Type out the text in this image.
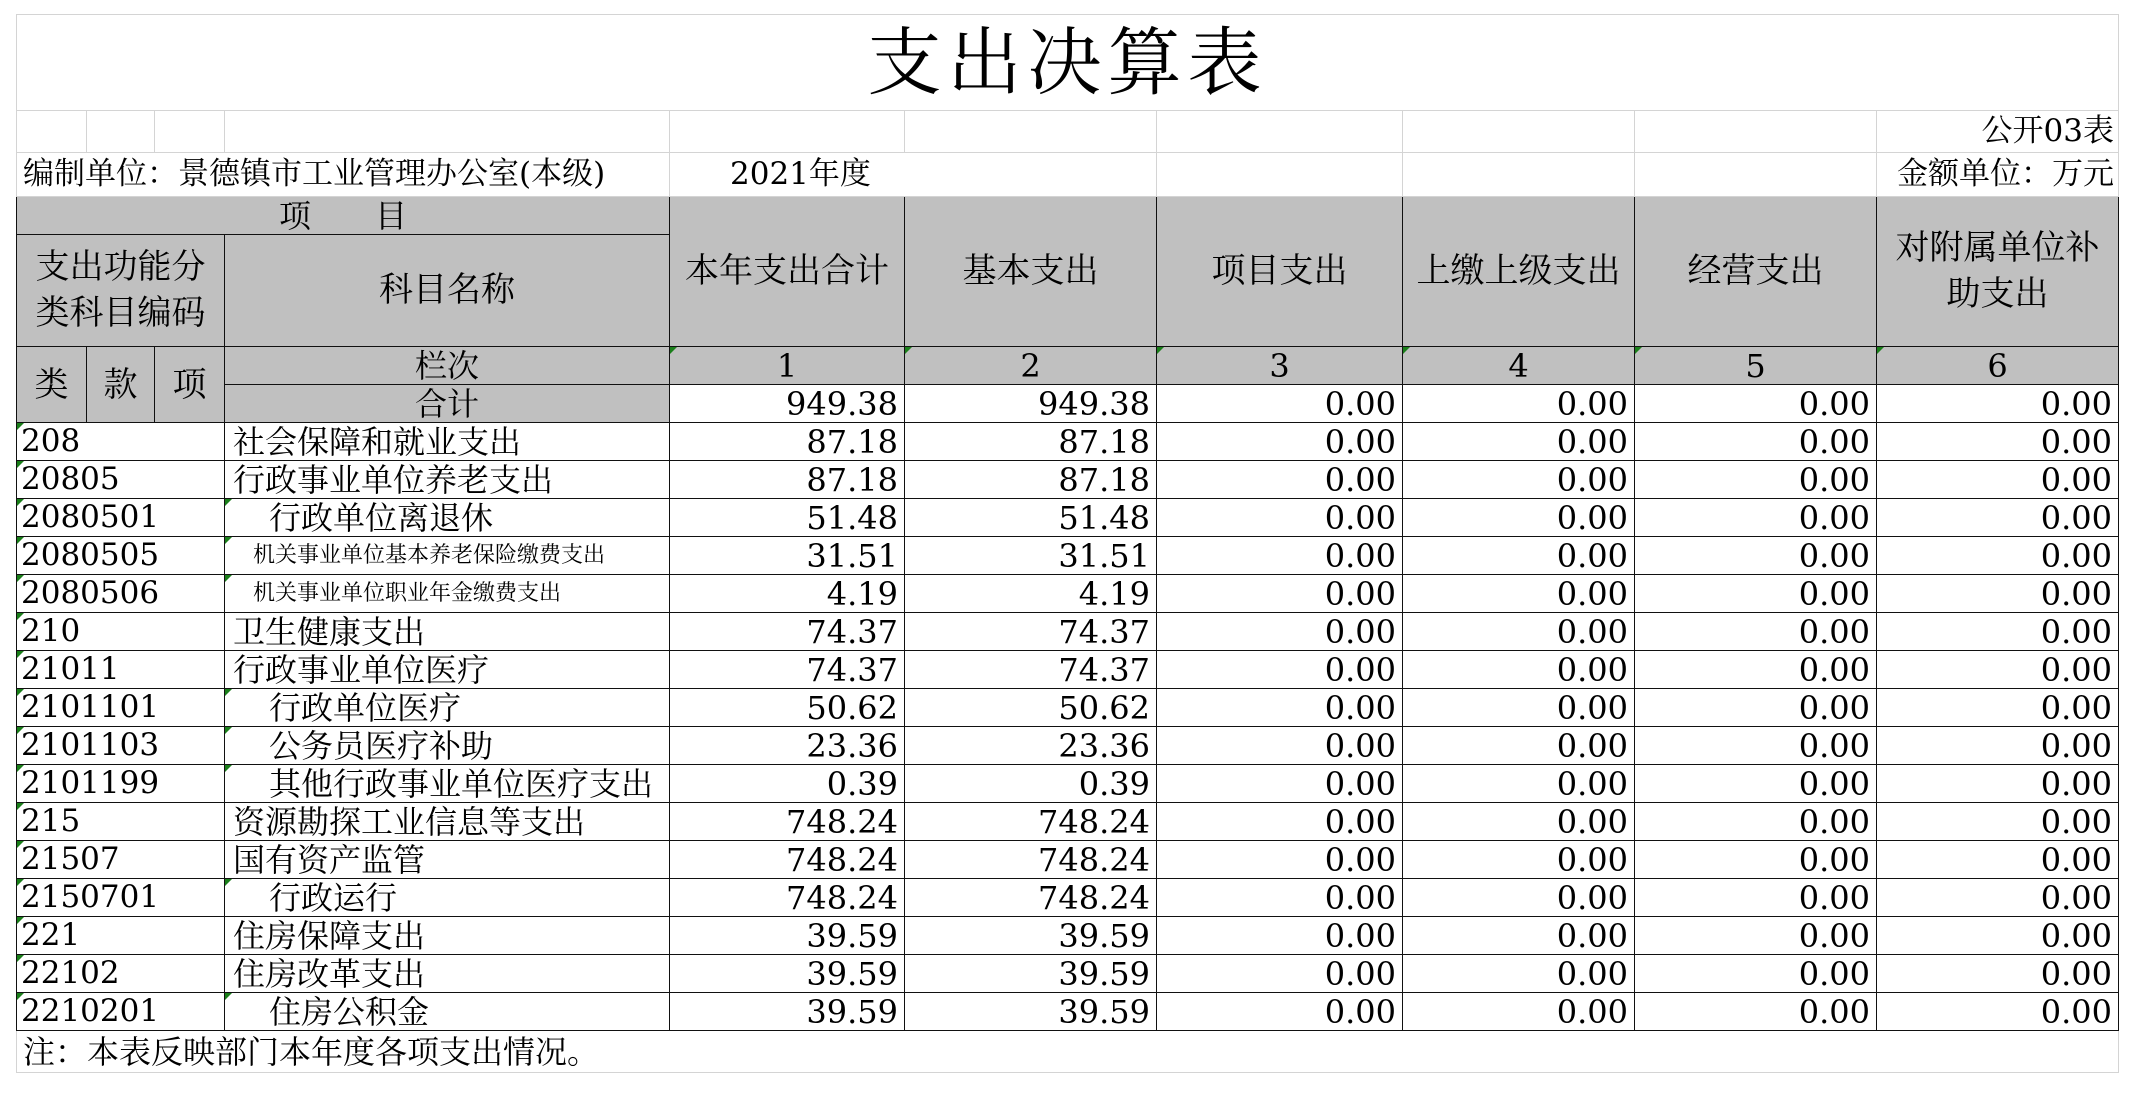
支出决算表									
									公开03表
编制单位：景德镇市工业管理办公室(本级)				2021年度					金额单位：万元
项　　目				本年支出合计	基本支出	项目支出	上缴上级支出	经营支出	对附属单位补助支出
支出功能分类科目编码			科目名称						
类	款	项	栏次	1	2	3	4	5	6
			合计	949.38	949.38	0.00	0.00	0.00	0.00
208			社会保障和就业支出	87.18	87.18	0.00	0.00	0.00	0.00
20805			行政事业单位养老支出	87.18	87.18	0.00	0.00	0.00	0.00
2080501			行政单位离退休	51.48	51.48	0.00	0.00	0.00	0.00
2080505			机关事业单位基本养老保险缴费支出	31.51	31.51	0.00	0.00	0.00	0.00
2080506			机关事业单位职业年金缴费支出	4.19	4.19	0.00	0.00	0.00	0.00
210			卫生健康支出	74.37	74.37	0.00	0.00	0.00	0.00
21011			行政事业单位医疗	74.37	74.37	0.00	0.00	0.00	0.00
2101101			行政单位医疗	50.62	50.62	0.00	0.00	0.00	0.00
2101103			公务员医疗补助	23.36	23.36	0.00	0.00	0.00	0.00
2101199			其他行政事业单位医疗支出	0.39	0.39	0.00	0.00	0.00	0.00
215			资源勘探工业信息等支出	748.24	748.24	0.00	0.00	0.00	0.00
21507			国有资产监管	748.24	748.24	0.00	0.00	0.00	0.00
2150701			行政运行	748.24	748.24	0.00	0.00	0.00	0.00
221			住房保障支出	39.59	39.59	0.00	0.00	0.00	0.00
22102			住房改革支出	39.59	39.59	0.00	0.00	0.00	0.00
2210201			住房公积金	39.59	39.59	0.00	0.00	0.00	0.00
注：本表反映部门本年度各项支出情况。									
